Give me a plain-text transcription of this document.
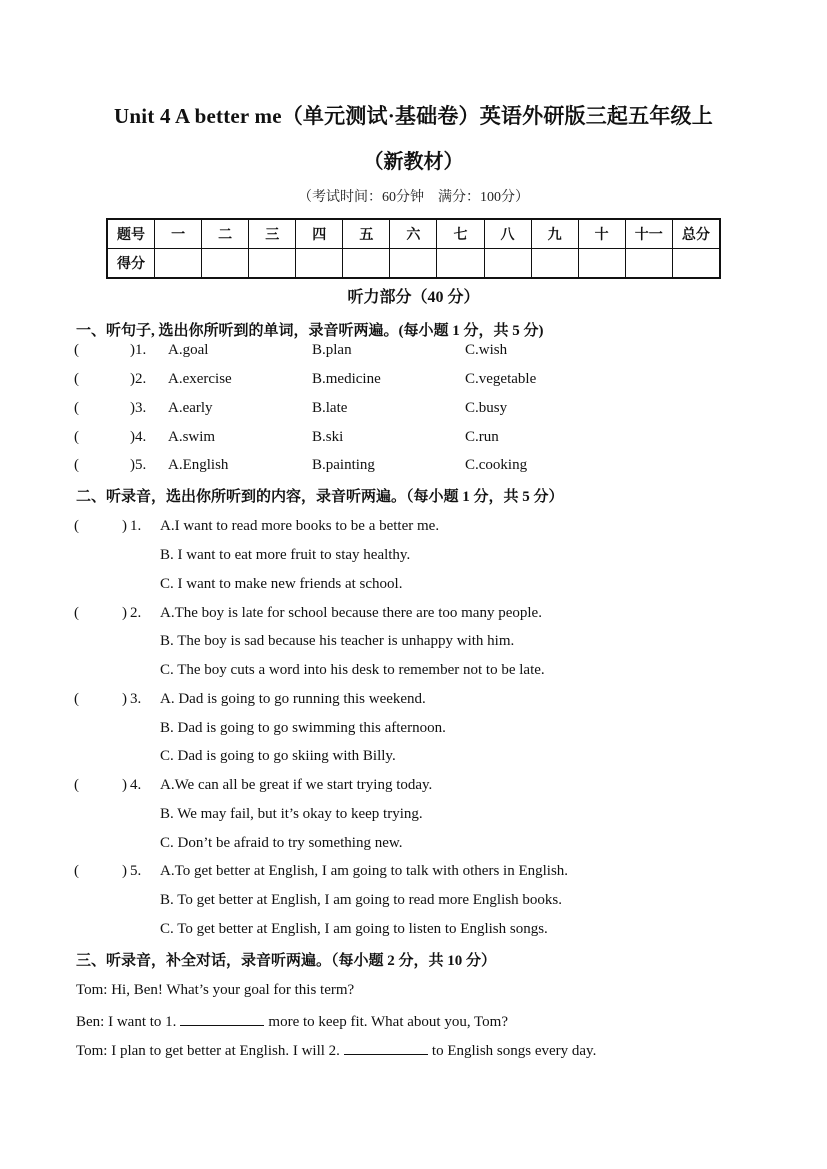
Unit 4 A better me（单元测试·基础卷）英语外研版三起五年级上
（新教材）
（考试时间：60分钟　满分：100分）
题号	一	二	三	四	五	六	七	八	九	十	十一	总分
得分												
听力部分（40 分）
一、听句子, 选出你所听到的单词，录音听两遍。(每小题 1 分，共 5 分)
(	)1. A.goal	B.plan	C.wish
(	)2. A.exercise	B.medicine	C.vegetable
(	)3. A.early	B.late	C.busy
(	)4. A.swim	B.ski	C.run
(	)5. A.English	B.painting	C.cooking
二、听录音，选出你所听到的内容，录音听两遍。（每小题 1 分，共 5 分）
(	) 1. A.I want to read more books to be a better me.
B. I want to eat more fruit to stay healthy.
C. I want to make new friends at school.
(	) 2. A.The boy is late for school because there are too many people.
B. The boy is sad because his teacher is unhappy with him.
C. The boy cuts a word into his desk to remember not to be late.
(	) 3. A. Dad is going to go running this weekend.
B. Dad is going to go swimming this afternoon.
C. Dad is going to go skiing with Billy.
(	) 4. A.We can all be great if we start trying today.
B. We may fail, but it’s okay to keep trying.
C. Don’t be afraid to try something new.
(	) 5. A.To get better at English, I am going to talk with others in English.
B. To get better at English, I am going to read more English books.
C. To get better at English, I am going to listen to English songs.
三、听录音，补全对话，录音听两遍。（每小题 2 分，共 10 分）
Tom: Hi, Ben! What’s your goal for this term?
Ben: I want to 1.	more to keep fit. What about you, Tom?
Tom: I plan to get better at English. I will 2.	to English songs every day.
